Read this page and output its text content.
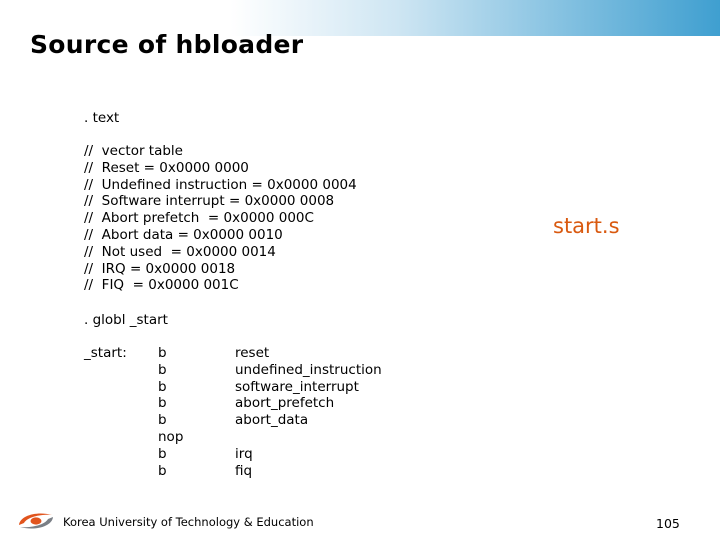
Source of hbloader
. text
//  vector table
//  Reset = 0x0000 0000
//  Undefined instruction = 0x0000 0004
//  Software interrupt = 0x0000 0008
//  Abort prefetch  = 0x0000 000C
//  Abort data = 0x0000 0010
//  Not used  = 0x0000 0014
//  IRQ = 0x0000 0018
//  FIQ  = 0x0000 001C
. globl _start
_start: b
b
b
b
b
nop
b
b
reset
undefined_instruction
software_interrupt
abort_prefetch
abort_data
irq
fiq
start.s
Korea University of Technology & Education	105
